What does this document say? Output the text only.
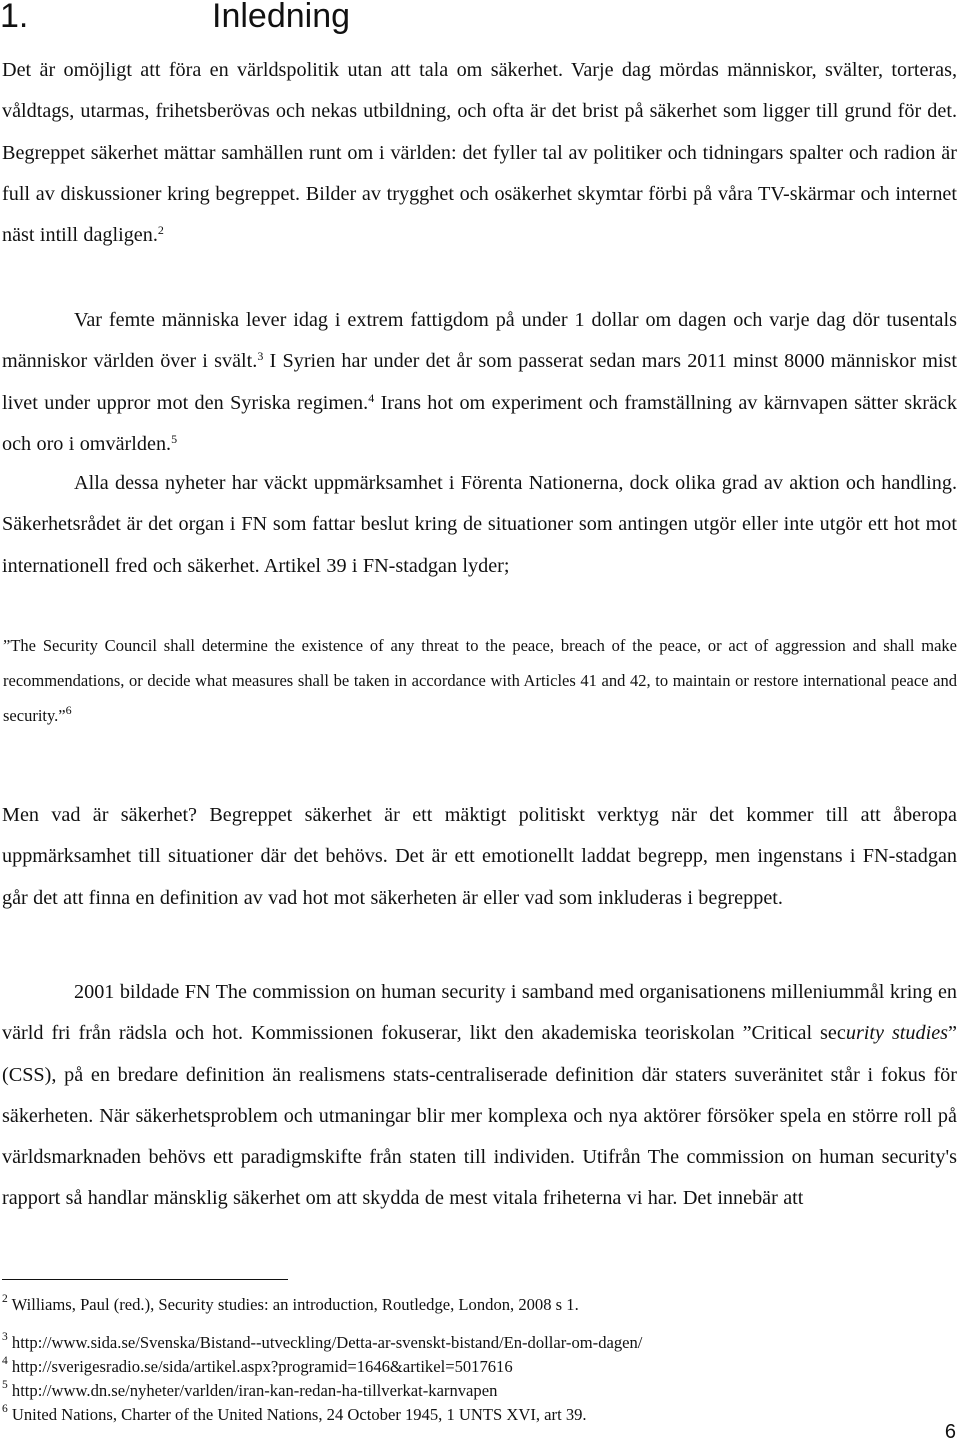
1.	Inledning

Det är omöjligt att föra en världspolitik utan att tala om säkerhet. Varje dag mördas människor, svälter, torteras, våldtags, utarmas, frihetsberövas och nekas utbildning, och ofta är det brist på säkerhet som ligger till grund för det. Begreppet säkerhet mättar samhällen runt om i världen: det fyller tal av politiker och tidningars spalter och radion är full av diskussioner kring begreppet. Bilder av trygghet och osäkerhet skymtar förbi på våra TV-skärmar och internet näst intill dagligen.$^2$

Var femte människa lever idag i extrem fattigdom på under 1 dollar om dagen och varje dag dör tusentals människor världen över i svält.$^3$ I Syrien har under det år som passerat sedan mars 2011 minst 8000 människor mist livet under uppror mot den Syriska regimen.$^4$ Irans hot om experiment och framställning av kärnvapen sätter skräck och oro i omvärlden.$^5$

Alla dessa nyheter har väckt uppmärksamhet i Förenta Nationerna, dock olika grad av aktion och handling. Säkerhetsrådet är det organ i FN som fattar beslut kring de situationer som antingen utgör eller inte utgör ett hot mot internationell fred och säkerhet. Artikel 39 i FN-stadgan lyder;

”The Security Council shall determine the existence of any threat to the peace, breach of the peace, or act of aggression and shall make recommendations, or decide what measures shall be taken in accordance with Articles 41 and 42, to maintain or restore international peace and security.”$^6$

Men vad är säkerhet? Begreppet säkerhet är ett mäktigt politiskt verktyg när det kommer till att åberopa uppmärksamhet till situationer där det behövs. Det är ett emotionellt laddat begrepp, men ingenstans i FN-stadgan går det att finna en definition av vad hot mot säkerheten är eller vad som inkluderas i begreppet.

2001 bildade FN The commission on human security i samband med organisationens milleniummål kring en värld fri från rädsla och hot. Kommissionen fokuserar, likt den akademiska teoriskolan ”Critical security studies” (CSS), på en bredare definition än realismens stats-centraliserade definition där staters suveränitet står i fokus för säkerheten. När säkerhetsproblem och utmaningar blir mer komplexa och nya aktörer försöker spela en större roll på världsmarknaden behövs ett paradigmskifte från staten till individen. Utifrån The commission on human security's rapport så handlar mänsklig säkerhet om att skydda de mest vitala friheterna vi har. Det innebär att

$^2$ Williams, Paul (red.), Security studies: an introduction, Routledge, London, 2008 s 1.

$^3$ http://www.sida.se/Svenska/Bistand--utveckling/Detta-ar-svenskt-bistand/En-dollar-om-dagen/

$^4$ http://sverigesradio.se/sida/artikel.aspx?programid=1646&artikel=5017616

$^5$ http://www.dn.se/nyheter/varlden/iran-kan-redan-ha-tillverkat-karnvapen

$^6$ United Nations, Charter of the United Nations, 24 October 1945, 1 UNTS XVI, art 39.

6
